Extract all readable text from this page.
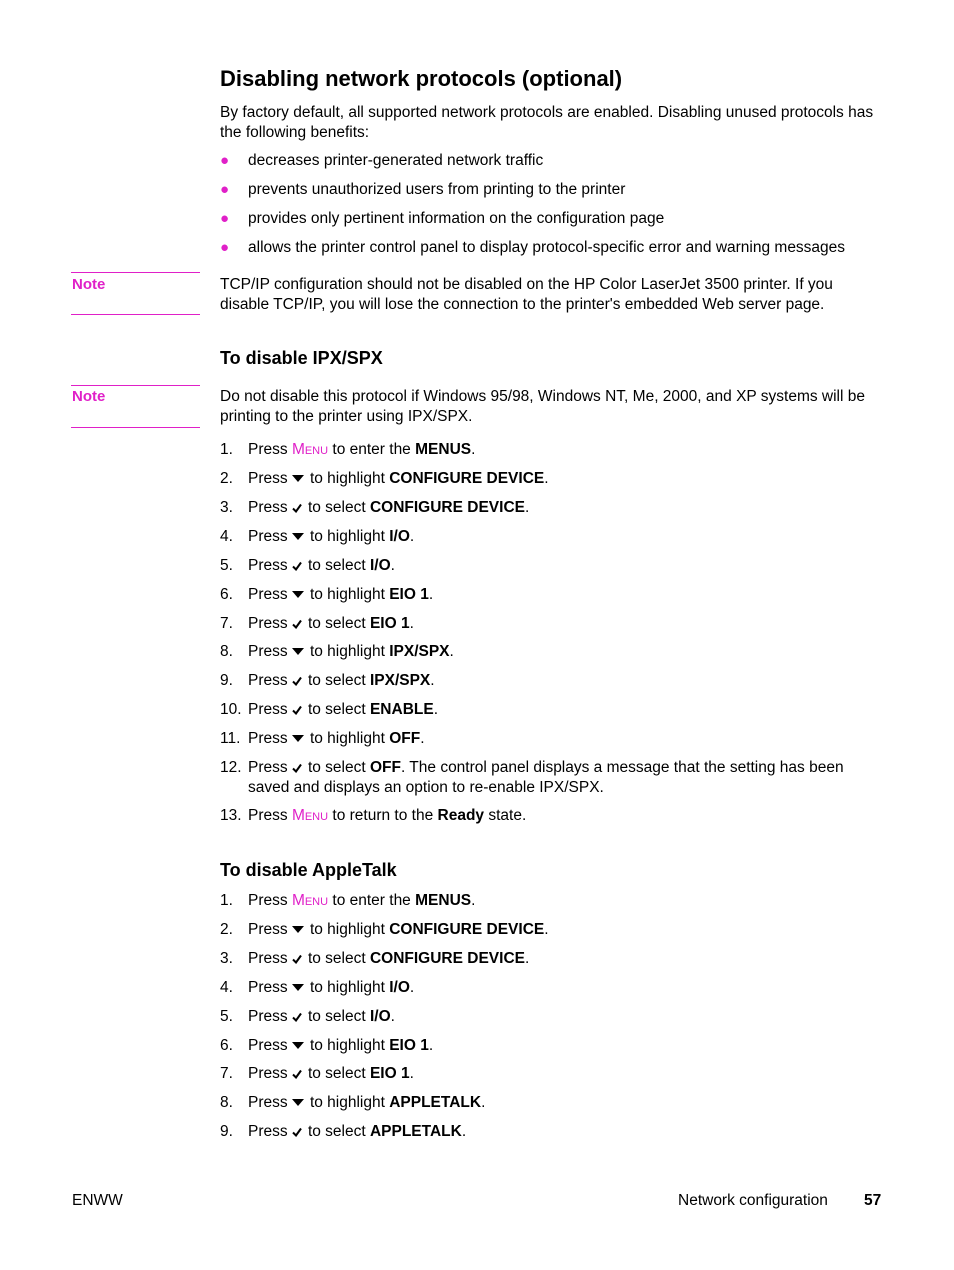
Disabling network protocols (optional)
By factory default, all supported network protocols are enabled. Disabling unused protocols has the following benefits:
● decreases printer-generated network traffic
● prevents unauthorized users from printing to the printer
● provides only pertinent information on the configuration page
● allows the printer control panel to display protocol-specific error and warning messages
Note	TCP/IP configuration should not be disabled on the HP Color LaserJet 3500 printer. If you disable TCP/IP, you will lose the connection to the printer's embedded Web server page.
To disable IPX/SPX
Note	Do not disable this protocol if Windows 95/98, Windows NT, Me, 2000, and XP systems will be printing to the printer using IPX/SPX.
1. Press Menu to enter the MENUS.
2. Press to highlight CONFIGURE DEVICE.
3. Press to select CONFIGURE DEVICE.
4. Press to highlight I/O.
5. Press to select I/O.
6. Press to highlight EIO 1.
7. Press to select EIO 1.
8. Press to highlight IPX/SPX.
9. Press to select IPX/SPX.
10. Press to select ENABLE.
11. Press to highlight OFF.
12. Press to select OFF. The control panel displays a message that the setting has been saved and displays an option to re-enable IPX/SPX.
13. Press Menu to return to the Ready state.
To disable AppleTalk
1. Press Menu to enter the MENUS.
2. Press to highlight CONFIGURE DEVICE.
3. Press to select CONFIGURE DEVICE.
4. Press to highlight I/O.
5. Press to select I/O.
6. Press to highlight EIO 1.
7. Press to select EIO 1.
8. Press to highlight APPLETALK.
9. Press to select APPLETALK.
ENWW	Network configuration 57
